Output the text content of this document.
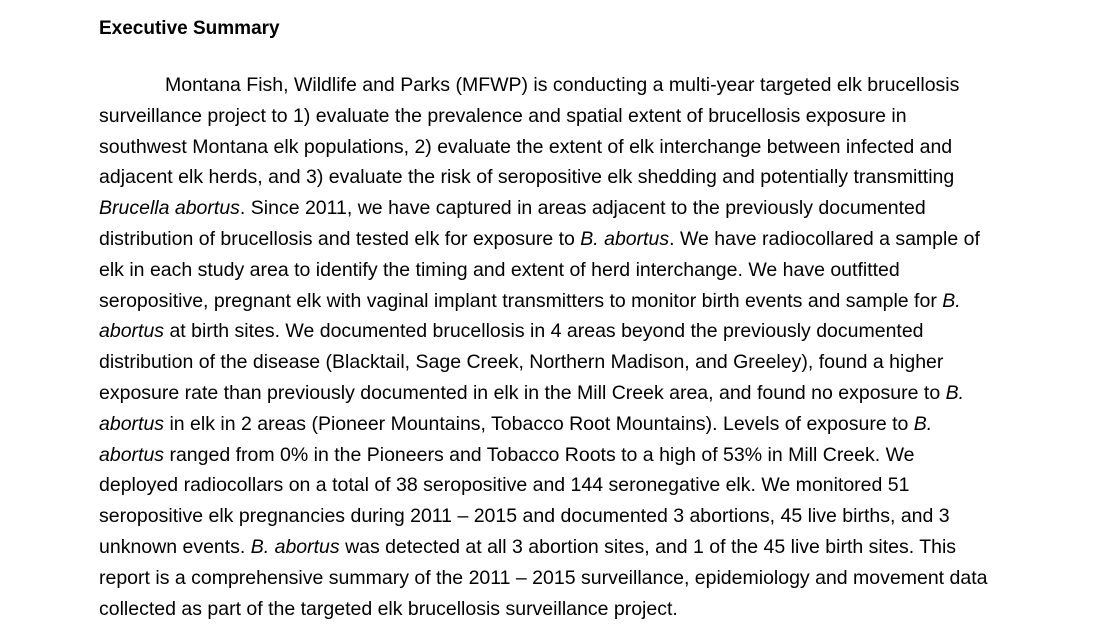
Executive Summary
Montana Fish, Wildlife and Parks (MFWP) is conducting a multi-year targeted elk brucellosis
surveillance project to 1) evaluate the prevalence and spatial extent of brucellosis exposure in
southwest Montana elk populations, 2) evaluate the extent of elk interchange between infected and
adjacent elk herds, and 3) evaluate the risk of seropositive elk shedding and potentially transmitting
Brucella abortus. Since 2011, we have captured in areas adjacent to the previously documented
distribution of brucellosis and tested elk for exposure to B. abortus. We have radiocollared a sample of
elk in each study area to identify the timing and extent of herd interchange. We have outfitted
seropositive, pregnant elk with vaginal implant transmitters to monitor birth events and sample for B.
abortus at birth sites. We documented brucellosis in 4 areas beyond the previously documented
distribution of the disease (Blacktail, Sage Creek, Northern Madison, and Greeley), found a higher
exposure rate than previously documented in elk in the Mill Creek area, and found no exposure to B.
abortus in elk in 2 areas (Pioneer Mountains, Tobacco Root Mountains). Levels of exposure to B.
abortus ranged from 0% in the Pioneers and Tobacco Roots to a high of 53% in Mill Creek. We
deployed radiocollars on a total of 38 seropositive and 144 seronegative elk. We monitored 51
seropositive elk pregnancies during 2011 – 2015 and documented 3 abortions, 45 live births, and 3
unknown events. B. abortus was detected at all 3 abortion sites, and 1 of the 45 live birth sites. This
report is a comprehensive summary of the 2011 – 2015 surveillance, epidemiology and movement data
collected as part of the targeted elk brucellosis surveillance project.
